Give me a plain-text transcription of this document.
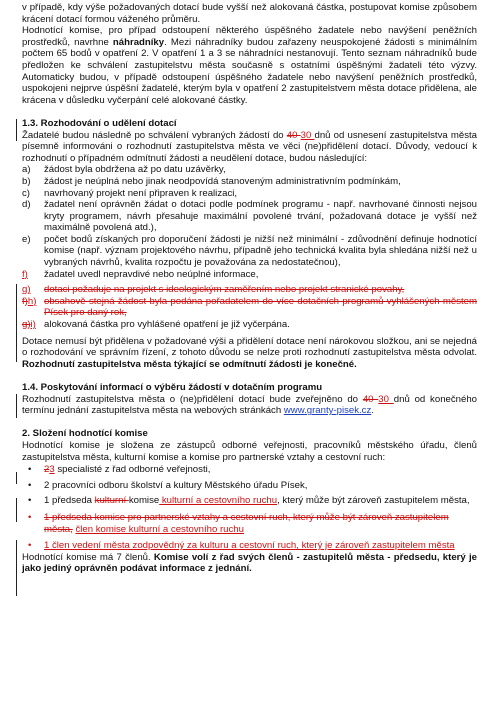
v případě, kdy výše požadovaných dotací bude vyšší než alokovaná částka, postupovat komise způsobem krácení dotací formou váženého průměru.

Hodnotící komise, pro případ odstoupení některého úspěšného žadatele nebo navýšení peněžních prostředků, navrhne náhradníky. Mezi náhradníky budou zařazeny neuspokojené žádosti s minimálním počtem 65 bodů v opatření 2. V opatření 1 a 3 se náhradníci nestanovují. Tento seznam náhradníků bude předložen ke schválení zastupitelstvu města současně s ostatními úspěšnými žadateli této výzvy. Automaticky budou, v případě odstoupení úspěšného žadatele nebo navýšení peněžních prostředků, uspokojeni nejprve úspěšní žadatelé, kterým byla v opatření 2 zastupitelstvem města dotace přidělena, ale krácena v důsledku vyčerpání celé alokované částky.

1.3. Rozhodování o udělení dotací

Žadatelé budou následně po schválení vybraných žádostí do 40 30 dnů od usnesení zastupitelstva města písemně informováni o rozhodnutí zastupitelstva města ve věci (ne)přidělení dotací. Důvody, vedoucí k rozhodnutí o případném odmítnutí žádosti a neudělení dotace, budou následující:

a) žádost byla obdržena až po datu uzávěrky,
b) žádost je neúplná nebo jinak neodpovídá stanoveným administrativním podmínkám,
c) navrhovaný projekt není připraven k realizaci,
d) žadatel není oprávněn žádat o dotaci podle podmínek programu - např. navrhované činnosti nejsou kryty programem, návrh přesahuje maximální povolené trvání, požadovaná dotace je vyšší než maximálně povolená atd.),
e) počet bodů získaných pro doporučení žádosti je nižší než minimální - zdůvodnění definuje hodnotící komise (např. význam projektového návrhu, případně jeho technická kvalita byla shledána nižší než u vybraných návrhů, kvalita rozpočtu je považována za nedostatečnou),
f) žadatel uvedl nepravdivé nebo neúplné informace,
g) dotaci požaduje na projekt s ideologickým zaměřením nebo projekt stranické povahy,
f)h) obsahově stejná žádost byla podána pořadatelem do více dotačních programů vyhlášených městem Písek pro daný rok,
g)i) alokovaná částka pro vyhlášené opatření je již vyčerpána.

Dotace nemusí být přidělena v požadované výši a přidělení dotace není nárokovou složkou, ani se nejedná o rozhodování ve správním řízení, z tohoto důvodu se nelze proti rozhodnutí zastupitelstva města odvolat. Rozhodnutí zastupitelstva města týkající se odmítnutí žádosti je konečné.

1.4. Poskytování informací o výběru žádostí v dotačním programu

Rozhodnutí zastupitelstva města o (ne)přidělení dotací bude zveřejněno do 40 30 dnů od konečného termínu jednání zastupitelstva města na webových stránkách www.granty-pisek.cz.

2. Složení hodnotící komise

Hodnotící komise je složena ze zástupců odborné veřejnosti, pracovníků městského úřadu, členů zastupitelstva města, kulturní komise a komise pro partnerské vztahy a cestovní ruch:

• 23 specialisté z řad odborné veřejnosti,
• 2 pracovníci odboru školství a kultury Městského úřadu Písek,
• 1 předseda kulturní komise kulturní a cestovního ruchu, který může být zároveň zastupitelem města,
• 1 předseda komise pro partnerské vztahy a cestovní ruch, který může být zároveň zastupitelem města, člen komise kulturní a cestovního ruchu
• 1 člen vedení města zodpovědný za kulturu a cestovní ruch, který je zároveň zastupitelem města

Hodnotící komise má 7 členů. Komise volí z řad svých členů - zastupitelů města - předsedu, který je jako jediný oprávněn podávat informace z jednání.
